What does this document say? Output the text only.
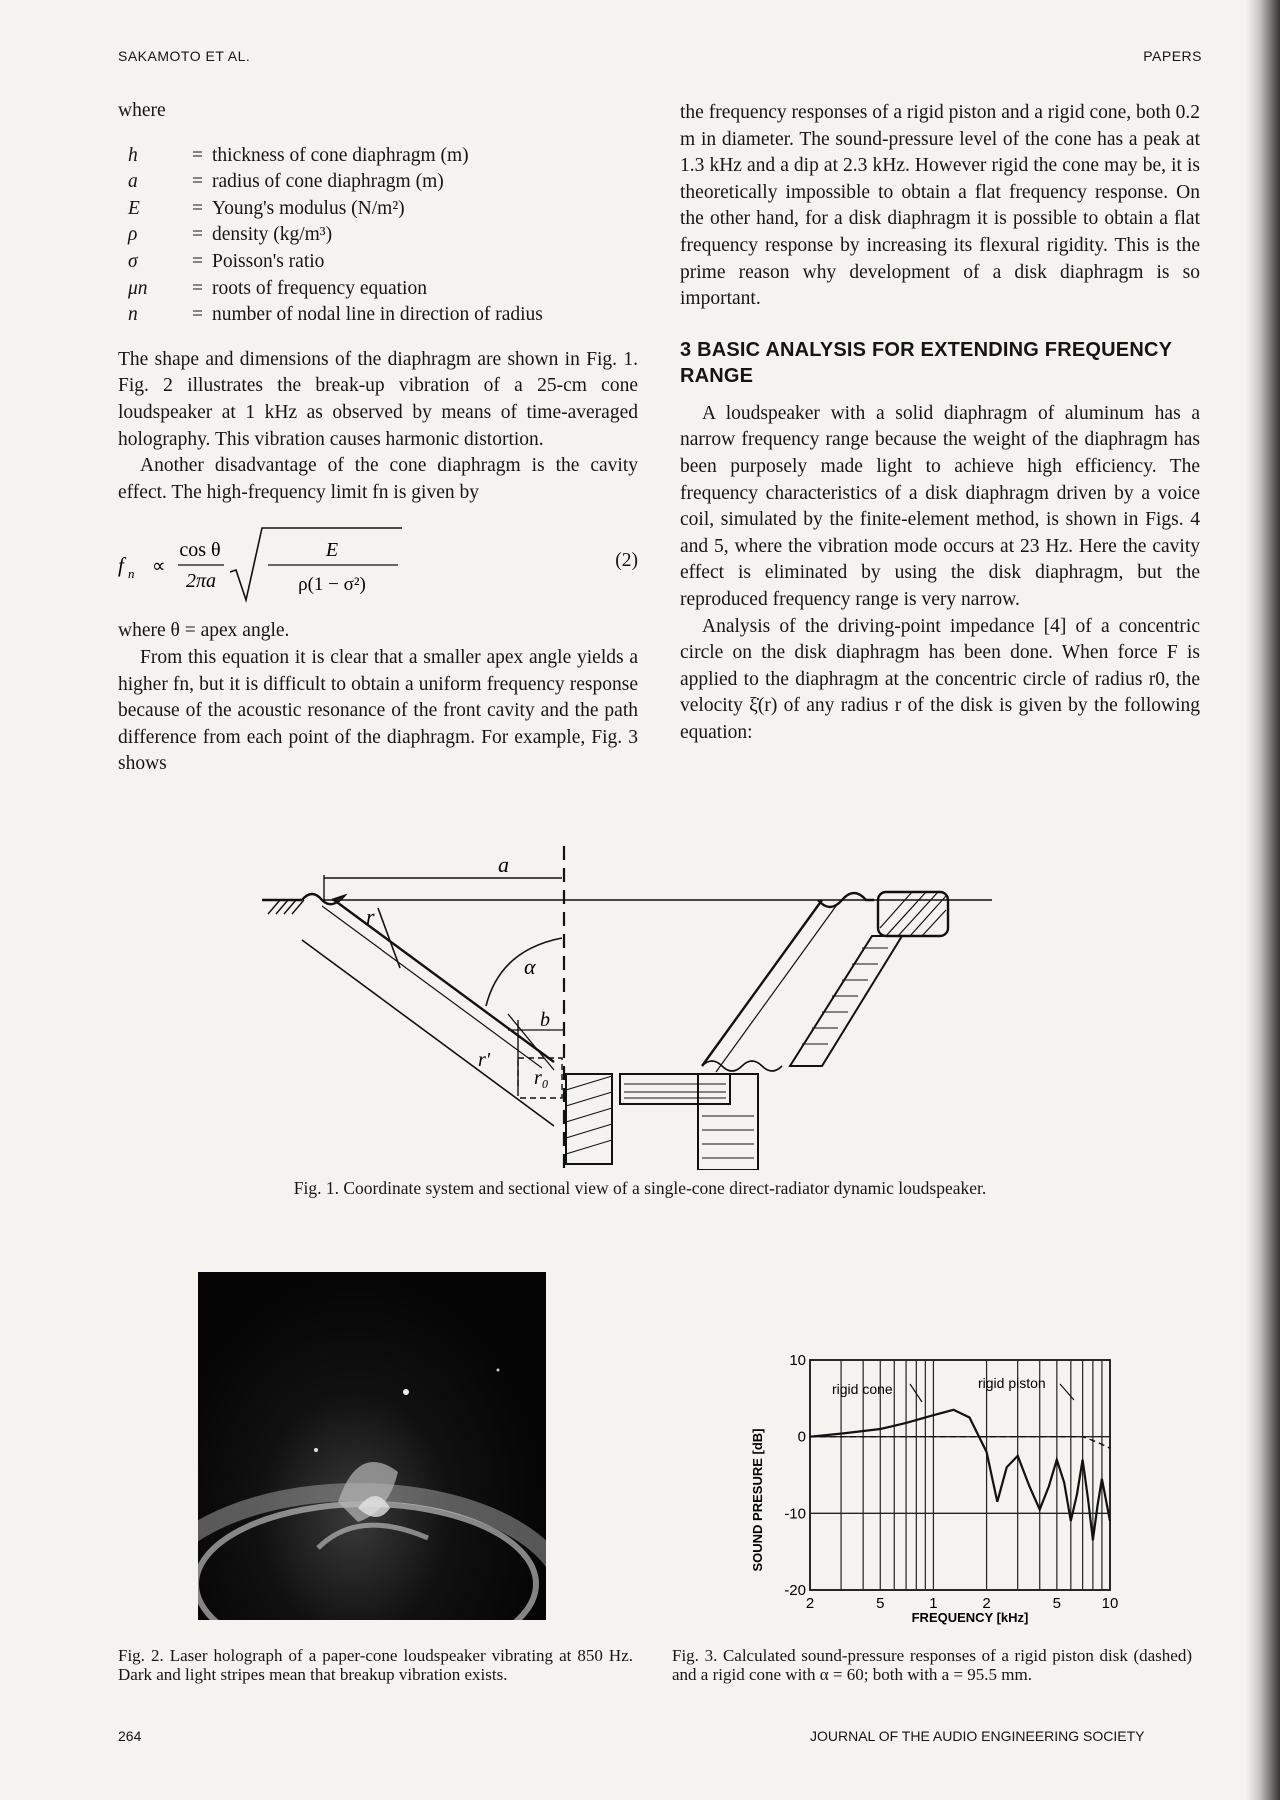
SAKAMOTO ET AL.	PAPERS

where

h	= thickness of cone diaphragm (m)
a	= radius of cone diaphragm (m)
E	= Young's modulus (N/m²)
ρ	= density (kg/m³)
σ	= Poisson's ratio
μn	= roots of frequency equation
n	= number of nodal line in direction of radius

The shape and dimensions of the diaphragm are shown in Fig. 1. Fig. 2 illustrates the break-up vibration of a 25-cm cone loudspeaker at 1 kHz as observed by means of time-averaged holography. This vibration causes harmonic distortion.

Another disadvantage of the cone diaphragm is the cavity effect. The high-frequency limit fn is given by

f n ∝
cos θ
2πa
E
ρ(1 − σ²)
(2)

where θ = apex angle.

From this equation it is clear that a smaller apex angle yields a higher fn, but it is difficult to obtain a uniform frequency response because of the acoustic resonance of the front cavity and the path difference from each point of the diaphragm. For example, Fig. 3 shows

the frequency responses of a rigid piston and a rigid cone, both 0.2 m in diameter. The sound-pressure level of the cone has a peak at 1.3 kHz and a dip at 2.3 kHz. However rigid the cone may be, it is theoretically impossible to obtain a flat frequency response. On the other hand, for a disk diaphragm it is possible to obtain a flat frequency response by increasing its flexural rigidity. This is the prime reason why development of a disk diaphragm is so important.

3 BASIC ANALYSIS FOR EXTENDING FREQUENCY RANGE

A loudspeaker with a solid diaphragm of aluminum has a narrow frequency range because the weight of the diaphragm has been purposely made light to achieve high efficiency. The frequency characteristics of a disk diaphragm driven by a voice coil, simulated by the finite-element method, is shown in Figs. 4 and 5, where the vibration mode occurs at 23 Hz. Here the cavity effect is eliminated by using the disk diaphragm, but the reproduced frequency range is very narrow.

Analysis of the driving-point impedance [4] of a concentric circle on the disk diaphragm has been done. When force F is applied to the diaphragm at the concentric circle of radius r0, the velocity ξ̇(r) of any radius r of the disk is given by the following equation:

a
r
α
b
r'
r₀
Fig. 1. Coordinate system and sectional view of a single-cone direct-radiator dynamic loudspeaker.
Fig. 2. Laser holograph of a paper-cone loudspeaker vibrating at 850 Hz. Dark and light stripes mean that breakup vibration exists.
SOUND PRESURE [dB]
FREQUENCY [kHz]
10
0
-10
-20
2	5	1	2	5	10
rigid cone	rigid piston
Fig. 3. Calculated sound-pressure responses of a rigid piston disk (dashed) and a rigid cone with α = 60; both with a = 95.5 mm.
264	JOURNAL OF THE AUDIO ENGINEERING SOCIETY
